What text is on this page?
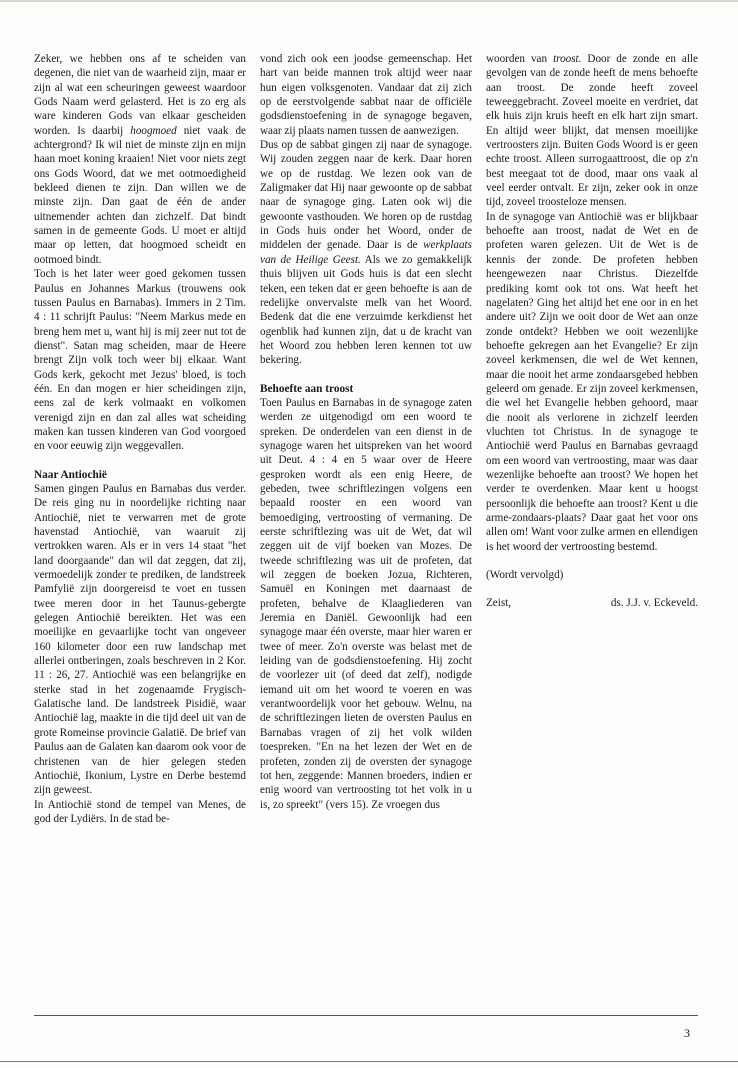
Zeker, we hebben ons af te scheiden van degenen, die niet van de waarheid zijn, maar er zijn al wat een scheuringen geweest waardoor Gods Naam werd gelasterd. Het is zo erg als ware kinderen Gods van elkaar gescheiden worden. Is daarbij hoogmoed niet vaak de achtergrond? Ik wil niet de minste zijn en mijn haan moet koning kraaien! Niet voor niets zegt ons Gods Woord, dat we met ootmoedigheid bekleed dienen te zijn. Dan willen we de minste zijn. Dan gaat de één de ander uitnemender achten dan zichzelf. Dat bindt samen in de gemeente Gods. U moet er altijd maar op letten, dat hoogmoed scheidt en ootmoed bindt.

Toch is het later weer goed gekomen tussen Paulus en Johannes Markus (trouwens ook tussen Paulus en Barnabas). Immers in 2 Tim. 4 : 11 schrijft Paulus: "Neem Markus mede en breng hem met u, want hij is mij zeer nut tot de dienst". Satan mag scheiden, maar de Heere brengt Zijn volk toch weer bij elkaar. Want Gods kerk, gekocht met Jezus' bloed, is toch één. En dan mogen er hier scheidingen zijn, eens zal de kerk volmaakt en volkomen verenigd zijn en dan zal alles wat scheiding maken kan tussen kinderen van God voorgoed en voor eeuwig zijn weggevallen.

Naar Antiochië

Samen gingen Paulus en Barnabas dus verder. De reis ging nu in noordelijke richting naar Antiochië, niet te verwarren met de grote havenstad Antiochië, van waaruit zij vertrokken waren. Als er in vers 14 staat "het land doorgaande" dan wil dat zeggen, dat zij, vermoedelijk zonder te prediken, de landstreek Pamfylië zijn doorgereisd te voet en tussen twee meren door in het Taunus-gebergte gelegen Antiochië bereikten. Het was een moeilijke en gevaarlijke tocht van ongeveer 160 kilometer door een ruw landschap met allerlei ontberingen, zoals beschreven in 2 Kor. 11 : 26, 27. Antiochië was een belangrijke en sterke stad in het zogenaamde Frygisch-Galatische land. De landstreek Pisidië, waar Antiochië lag, maakte in die tijd deel uit van de grote Romeinse provincie Galatië. De brief van Paulus aan de Galaten kan daarom ook voor de christenen van de hier gelegen steden Antiochië, Ikonium, Lystre en Derbe bestemd zijn geweest.

In Antiochië stond de tempel van Menes, de god der Lydiërs. In de stad be-

vond zich ook een joodse gemeenschap. Het hart van beide mannen trok altijd weer naar hun eigen volksgenoten. Vandaar dat zij zich op de eerstvolgende sabbat naar de officiële godsdienstoefening in de synagoge begaven, waar zij plaats namen tussen de aanwezigen.

Dus op de sabbat gingen zij naar de synagoge. Wij zouden zeggen naar de kerk. Daar horen we op de rustdag. We lezen ook van de Zaligmaker dat Hij naar gewoonte op de sabbat naar de synagoge ging. Laten ook wij die gewoonte vasthouden. We horen op de rustdag in Gods huis onder het Woord, onder de middelen der genade. Daar is de werkplaats van de Heilige Geest. Als we zo gemakkelijk thuis blijven uit Gods huis is dat een slecht teken, een teken dat er geen behoefte is aan de redelijke onvervalste melk van het Woord. Bedenk dat die ene verzuimde kerkdienst het ogenblik had kunnen zijn, dat u de kracht van het Woord zou hebben leren kennen tot uw bekering.

Behoefte aan troost

Toen Paulus en Barnabas in de synagoge zaten werden ze uitgenodigd om een woord te spreken. De onderdelen van een dienst in de synagoge waren het uitspreken van het woord uit Deut. 4 : 4 en 5 waar over de Heere gesproken wordt als een enig Heere, de gebeden, twee schriftlezingen volgens een bepaald rooster en een woord van bemoediging, vertroosting of vermaning. De eerste schriftlezing was uit de Wet, dat wil zeggen uit de vijf boeken van Mozes. De tweede schriftlezing was uit de profeten, dat wil zeggen de boeken Jozua, Richteren, Samuël en Koningen met daarnaast de profeten, behalve de Klaagliederen van Jeremia en Daniël. Gewoonlijk had een synagoge maar één overste, maar hier waren er twee of meer. Zo'n overste was belast met de leiding van de godsdienstoefening. Hij zocht de voorlezer uit (of deed dat zelf), nodigde iemand uit om het woord te voeren en was verantwoordelijk voor het gebouw. Welnu, na de schriftlezingen lieten de oversten Paulus en Barnabas vragen of zij het volk wilden toespreken. "En na het lezen der Wet en de profeten, zonden zij de oversten der synagoge tot hen, zeggende: Mannen broeders, indien er enig woord van vertroosting tot het volk in u is, zo spreekt" (vers 15). Ze vroegen dus

woorden van troost. Door de zonde en alle gevolgen van de zonde heeft de mens behoefte aan troost. De zonde heeft zoveel teweeggebracht. Zoveel moeite en verdriet, dat elk huis zijn kruis heeft en elk hart zijn smart. En altijd weer blijkt, dat mensen moeilijke vertroosters zijn. Buiten Gods Woord is er geen echte troost. Alleen surrogaattroost, die op z'n best meegaat tot de dood, maar ons vaak al veel eerder ontvalt. Er zijn, zeker ook in onze tijd, zoveel troosteloze mensen.

In de synagoge van Antiochië was er blijkbaar behoefte aan troost, nadat de Wet en de profeten waren gelezen. Uit de Wet is de kennis der zonde. De profeten hebben heengewezen naar Christus. Diezelfde prediking komt ook tot ons. Wat heeft het nagelaten? Ging het altijd het ene oor in en het andere uit? Zijn we ooit door de Wet aan onze zonde ontdekt? Hebben we ooit wezenlijke behoefte gekregen aan het Evangelie? Er zijn zoveel kerkmensen, die wel de Wet kennen, maar die nooit het arme zondaarsgebed hebben geleerd om genade. Er zijn zoveel kerkmensen, die wel het Evangelie hebben gehoord, maar die nooit als verlorene in zichzelf leerden vluchten tot Christus. In de synagoge te Antiochië werd Paulus en Barnabas gevraagd om een woord van vertroosting, maar was daar wezenlijke behoefte aan troost? We hopen het verder te overdenken. Maar kent u hoogst persoonlijk die behoefte aan troost? Kent u die arme-zondaars-plaats? Daar gaat het voor ons allen om! Want voor zulke armen en ellendigen is het woord der vertroosting bestemd.

(Wordt vervolgd)

Zeist,	ds. J.J. v. Eckeveld.

3
